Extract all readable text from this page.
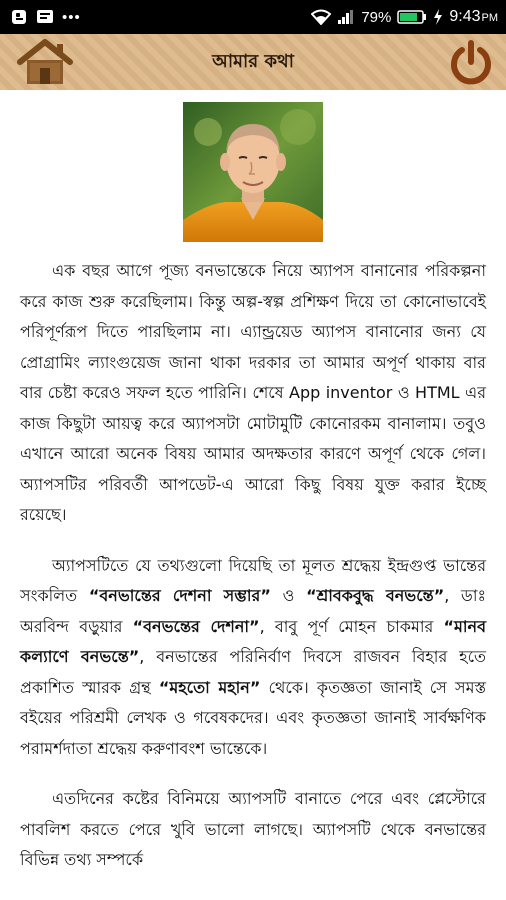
•••	79%	9:43PM
আমার কথা

এক বছর আগে পূজ্য বনভান্তেকে নিয়ে অ্যাপস বানানোর পরিকল্পনা করে কাজ শুরু করেছিলাম। কিন্তু অল্প-স্বল্প প্রশিক্ষণ দিয়ে তা কোনোভাবেই পরিপূর্ণরূপ দিতে পারছিলাম না। এ্যান্ড্রয়েড অ্যাপস বানানোর জন্য যে প্রোগ্রামিং ল্যাংগুয়েজ জানা থাকা দরকার তা আমার অপূর্ণ থাকায় বার বার চেষ্টা করেও সফল হতে পারিনি। শেষে App inventor ও HTML এর কাজ কিছুটা আয়ত্ব করে অ্যাপসটা মোটামুটি কোনোরকম বানালাম। তবুও এখানে আরো অনেক বিষয় আমার অদক্ষতার কারণে অপূর্ণ থেকে গেল। অ্যাপসটির পরিবর্তী আপডেট-এ আরো কিছু বিষয় যুক্ত করার ইচ্ছে রয়েছে।

অ্যাপসটিতে যে তথ্যগুলো দিয়েছি তা মূলত শ্রদ্ধেয় ইন্দ্রগুপ্ত ভান্তের সংকলিত “বনভান্তের দেশনা সম্ভার” ও “শ্রাবকবুদ্ধ বনভন্তে”, ডাঃ অরবিন্দ বড়ুয়ার “বনভন্তের দেশনা”, বাবু পূর্ণ মোহন চাকমার “মানব কল্যাণে বনভন্তে”, বনভান্তের পরিনির্বাণ দিবসে রাজবন বিহার হতে প্রকাশিত স্মারক গ্রন্থ “মহতো মহান” থেকে। কৃতজ্ঞতা জানাই সে সমস্ত বইয়ের পরিশ্রমী লেখক ও গবেষকদের। এবং কৃতজ্ঞতা জানাই সার্বক্ষণিক পরামর্শদাতা শ্রদ্ধেয় করুণাবংশ ভান্তেকে।

এতদিনের কষ্টের বিনিময়ে অ্যাপসটি বানাতে পেরে এবং প্লেস্টোরে পাবলিশ করতে পেরে খুবি ভালো লাগছে। অ্যাপসটি থেকে বনভান্তের বিভিন্ন তথ্য সম্পর্কে
